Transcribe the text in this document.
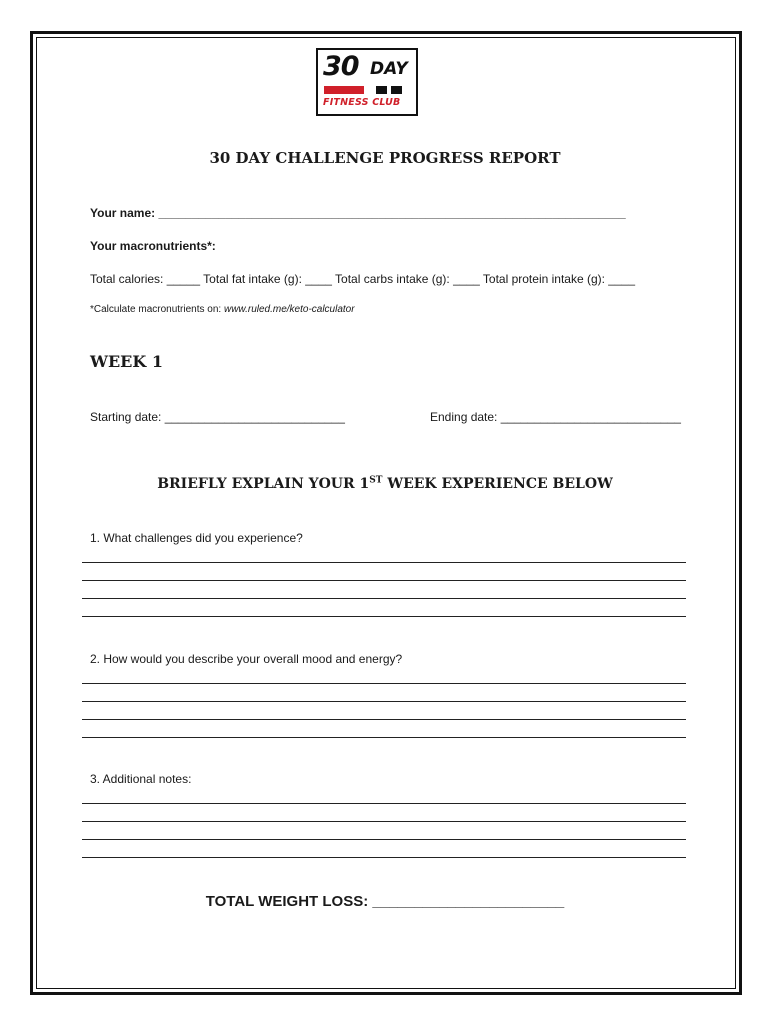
30 DAY
FITNESS CLUB
30 DAY CHALLENGE PROGRESS REPORT
Your name: ______________________________________________________________________
Your macronutrients*:
Total calories: _____ Total fat intake (g): ____ Total carbs intake (g): ____ Total protein intake (g): ____
*Calculate macronutrients on: www.ruled.me/keto-calculator
WEEK 1
Starting date: ___________________________	Ending date: ___________________________
BRIEFLY EXPLAIN YOUR 1ST WEEK EXPERIENCE BELOW
1. What challenges did you experience?
2. How would you describe your overall mood and energy?
3. Additional notes:
TOTAL WEIGHT LOSS: _______________________
